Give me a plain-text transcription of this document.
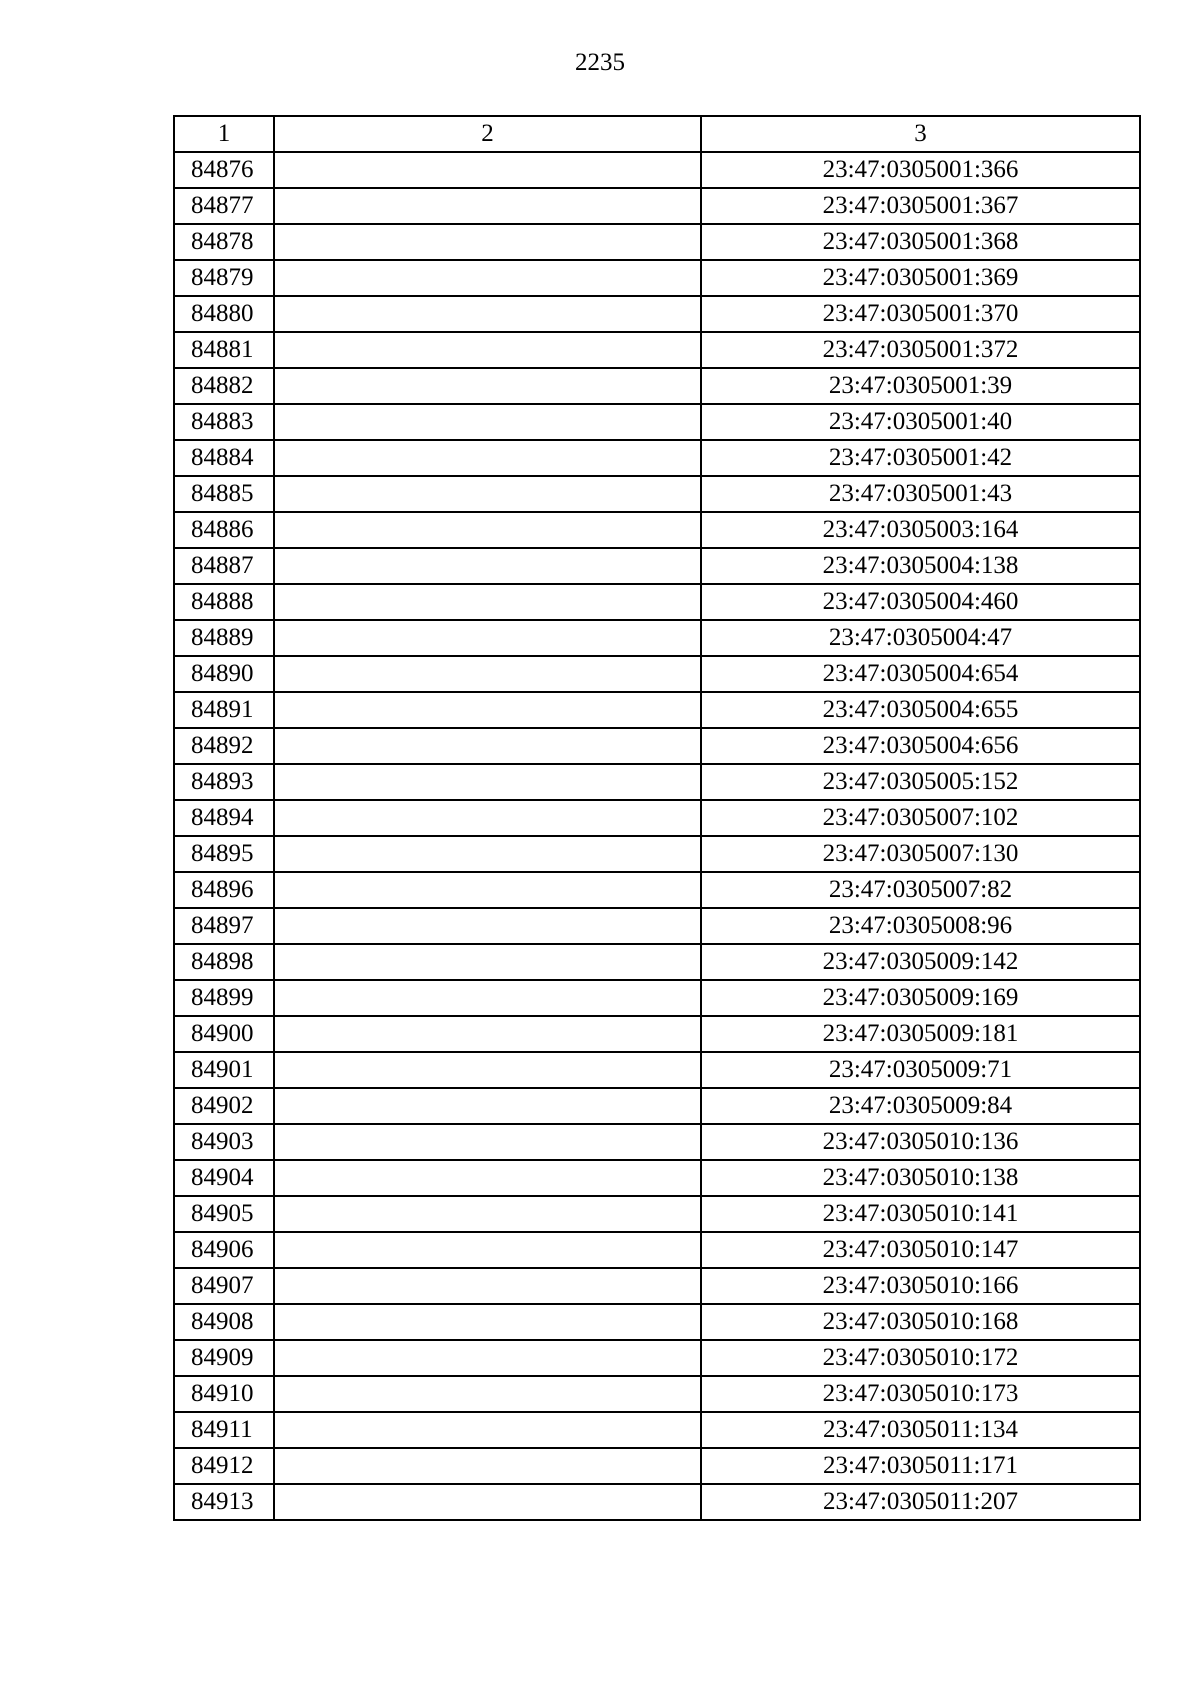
2235
1	2	3
84876		23:47:0305001:366
84877		23:47:0305001:367
84878		23:47:0305001:368
84879		23:47:0305001:369
84880		23:47:0305001:370
84881		23:47:0305001:372
84882		23:47:0305001:39
84883		23:47:0305001:40
84884		23:47:0305001:42
84885		23:47:0305001:43
84886		23:47:0305003:164
84887		23:47:0305004:138
84888		23:47:0305004:460
84889		23:47:0305004:47
84890		23:47:0305004:654
84891		23:47:0305004:655
84892		23:47:0305004:656
84893		23:47:0305005:152
84894		23:47:0305007:102
84895		23:47:0305007:130
84896		23:47:0305007:82
84897		23:47:0305008:96
84898		23:47:0305009:142
84899		23:47:0305009:169
84900		23:47:0305009:181
84901		23:47:0305009:71
84902		23:47:0305009:84
84903		23:47:0305010:136
84904		23:47:0305010:138
84905		23:47:0305010:141
84906		23:47:0305010:147
84907		23:47:0305010:166
84908		23:47:0305010:168
84909		23:47:0305010:172
84910		23:47:0305010:173
84911		23:47:0305011:134
84912		23:47:0305011:171
84913		23:47:0305011:207
